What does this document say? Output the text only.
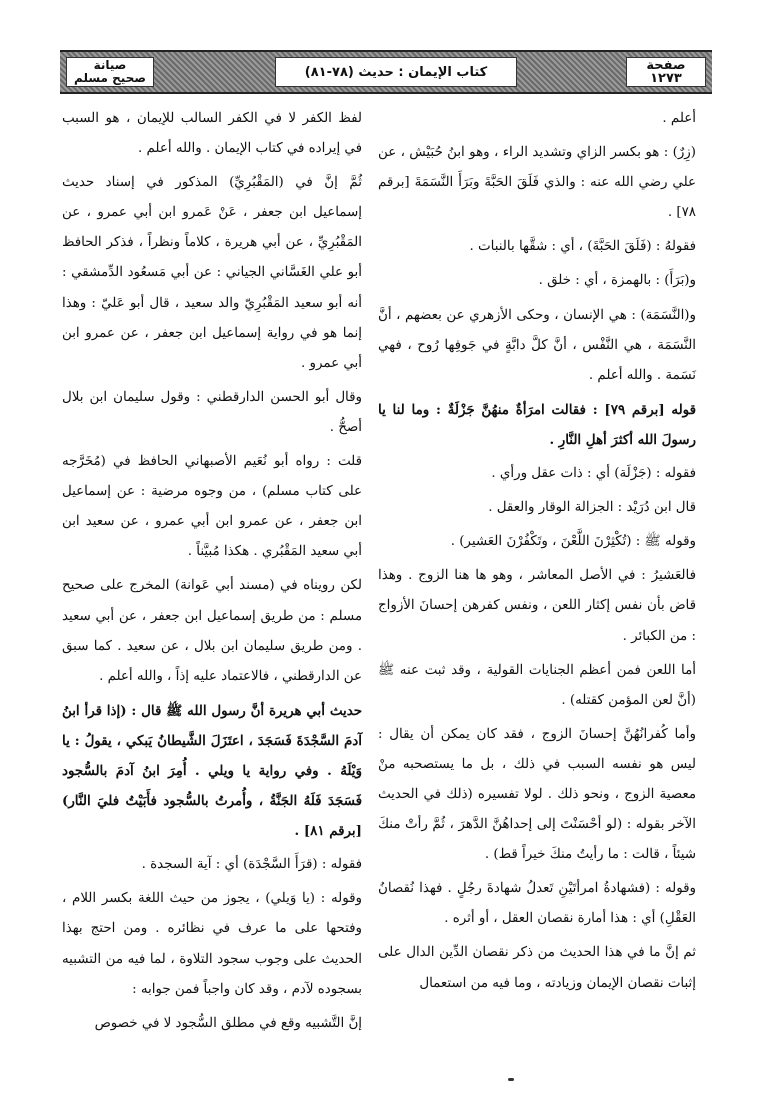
صيانة
صحيح مسلم	كتاب الإيمان : حديث (٧٨-٨١)	صفحة
١٢٧٣

أعلم .

(زِرٌ) : هو بكسر الزاي وتشديد الراء ، وهو ابنُ حُبَيْش ، عن علي رضي الله عنه : والذي فَلَقَ الحَبَّةَ وبَرَأَ النَّسَمَةَ [برقم ٧٨] .

فقولهُ : (فَلَقَ الحَبَّةَ) ، أي : شقَّها بالنبات .

و(بَرَأَ) : بالهمزة ، أي : خلق .

و(النَّسَمَة) : هي الإنسان ، وحكى الأزهري عن بعضهم ، أنَّ النَّسَمَة ، هي النَّفْس ، أنَّ كلَّ دابَّةٍ في جَوفِها رُوح ، فهي نَسَمة . والله أعلم .

قوله [برقم ٧٩] : فقالت امرَأةٌ منهُنَّ جَزْلَةٌ : وما لنا يا رسولَ الله أكثرَ أهلِ النَّارِ .

فقوله : (جَزْلَة) أي : ذات عقل ورأي .

قال ابن دُرَيْد : الجزالة الوقار والعقل .

وقوله ﷺ : (تُكْثِرْنَ اللَّعْنَ ، وتَكْفُرْنَ العَشير) .

فالعَشيرُ : في الأصل المعاشر ، وهو ها هنا الزوج . وهذا قاض بأن نفس إكثار اللعن ، ونفس كفرهن إحسانَ الأزواج : من الكبائر .

أما اللعن فمن أعظم الجنايات القولية ، وقد ثبت عنه ﷺ (أنَّ لعن المؤمن كقتله) .

وأما كُفرانُهُنَّ إحسانَ الزوج ، فقد كان يمكن أن يقال : ليس هو نفسه السبب في ذلك ، بل ما يستصحبه منْ معصية الزوج ، ونحو ذلك . لولا تفسيره (ذلك في الحديث الآخر بقوله : (لو أحْسَنْتَ إلى إحداهُنَّ الدَّهرَ ، ثُمَّ رأتْ منكَ شيئاً ، قالت : ما رأيتُ منكَ خيراً قط) .

وقوله : (فشهادةُ امرأتَيْنِ تَعدلُ شهادةَ رجُلٍ . فهذا نُقصانُ العَقْلِ) أي : هذا أمارة نقصان العقل ، أو أثره .

ثم إنَّ ما في هذا الحديث من ذكر نقصان الدِّين الدال على إثبات نقصان الإيمان وزيادته ، وما فيه من استعمال

لفظ الكفر لا في الكفر السالب للإيمان ، هو السبب في إيراده في كتاب الإيمان . والله أعلم .

ثُمَّ إنَّ في (المَقْبُرِيِّ) المذكور في إسناد حديث إسماعيل ابن جعفر ، عَنْ عَمرو ابن أبي عمرو ، عن المَقْبُرِيِّ ، عن أبي هريرة ، كلاماً ونظراً ، فذكر الحافظ أبو علي الغَسَّاني الجياني : عن أبي مَسعُود الدِّمشقي : أنه أبو سعيد المَقْبُرِيّ والد سعيد ، قال أبو عَليّ : وهذا إنما هو في رواية إسماعيل ابن جعفر ، عن عمرو ابن أبي عمرو .

وقال أبو الحسن الدارقطني : وقول سليمان ابن بلال أصحُّ .

قلت : رواه أبو نُعَيم الأصبهاني الحافظ في (مُخَرَّجه على كتاب مسلم) ، من وجوه مرضية : عن إسماعيل ابن جعفر ، عن عمرو ابن أبي عمرو ، عن سعيد ابن أبي سعيد المَقْبُري . هكذا مُبيَّناً .

لكن رويناه في (مسند أبي عَوانة) المخرج على صحيح مسلم : من طريق إسماعيل ابن جعفر ، عن أبي سعيد . ومن طريق سليمان ابن بلال ، عن سعيد . كما سبق عن الدارقطني ، فالاعتماد عليه إذاً ، والله أعلم .

حديث أبي هريرة أنَّ رسول الله ﷺ قال : (إذا قرأ ابنُ آدمَ السَّجْدَةَ فَسَجَدَ ، اعتَزَلَ الشَّيطانُ يَبكي ، يقولُ : يا وَيْلَهُ . وفي رواية يا ويلي . أُمِرَ ابنُ آدمَ بالسُّجود فَسَجَدَ فَلَهُ الجَنَّةُ ، وأُمرتُ بالسُّجود فأَبَيْتُ فليَ النَّار) [برقم ٨١] .

فقوله : (قرَأَ السَّجْدَة) أي : آية السجدة .

وقوله : (يا وَيلي) ، يجوز من حيث اللغة بكسر اللام ، وفتحها على ما عرف في نظائره . ومن احتج بهذا الحديث على وجوب سجود التلاوة ، لما فيه من التشبيه بسجوده لآدم ، وقد كان واجباً فمن جوابه :

إنَّ التَّشبيه وقع في مطلق السُّجود لا في خصوص
